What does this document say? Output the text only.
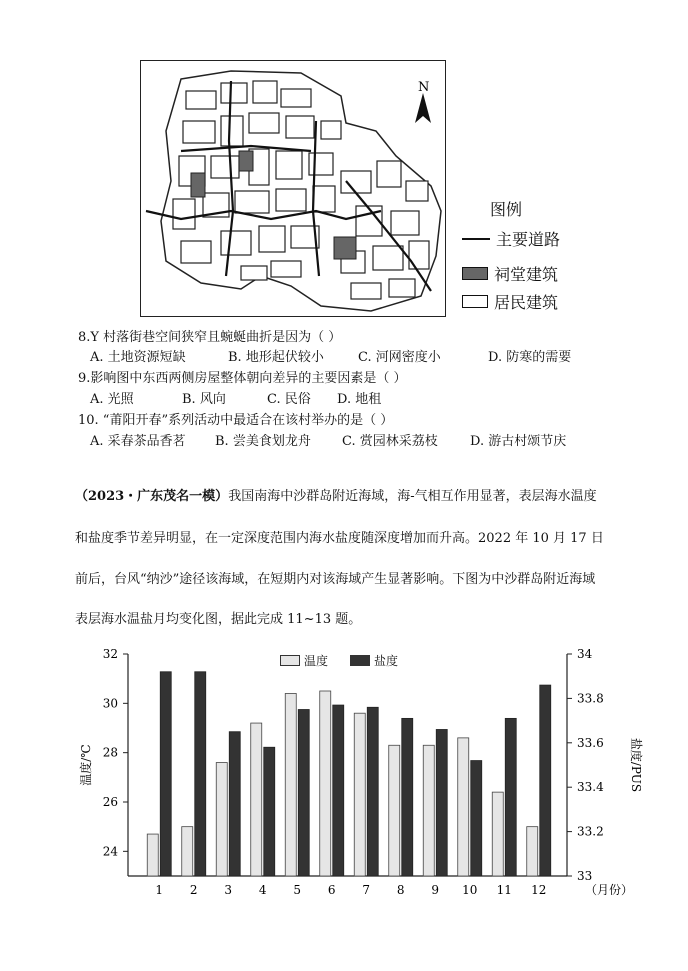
N
图例
主要道路
祠堂建筑
居民建筑
8.Y 村落街巷空间狭窄且蜿蜒曲折是因为（ ）
A. 土地资源短缺	B. 地形起伏较小	C. 河网密度小	D. 防寒的需要
9.影响图中东西两侧房屋整体朝向差异的主要因素是（ ）
A. 光照	B. 风向	C. 民俗	D. 地租
10. “莆阳开春”系列活动中最适合在该村举办的是（ ）
A. 采春茶品香茗	B. 尝美食划龙舟	C. 赏园林采荔枝	D. 游古村颂节庆
（2023・广东茂名一模）我国南海中沙群岛附近海域，海-气相互作用显著，表层海水温度
和盐度季节差异明显，在一定深度范围内海水盐度随深度增加而升高。2022 年 10 月 17 日
前后，台风“纳沙”途径该海域，在短期内对该海域产生显著影响。下图为中沙群岛附近海域
表层海水温盐月均变化图，据此完成 11~13 题。
温度	盐度
24
26
28
30
32
33
33.2
33.4
33.6
33.8
34
1 2 3 4 5 6 7 8 9 10 11 12	（月份）
温度/℃	盐度/PUS
